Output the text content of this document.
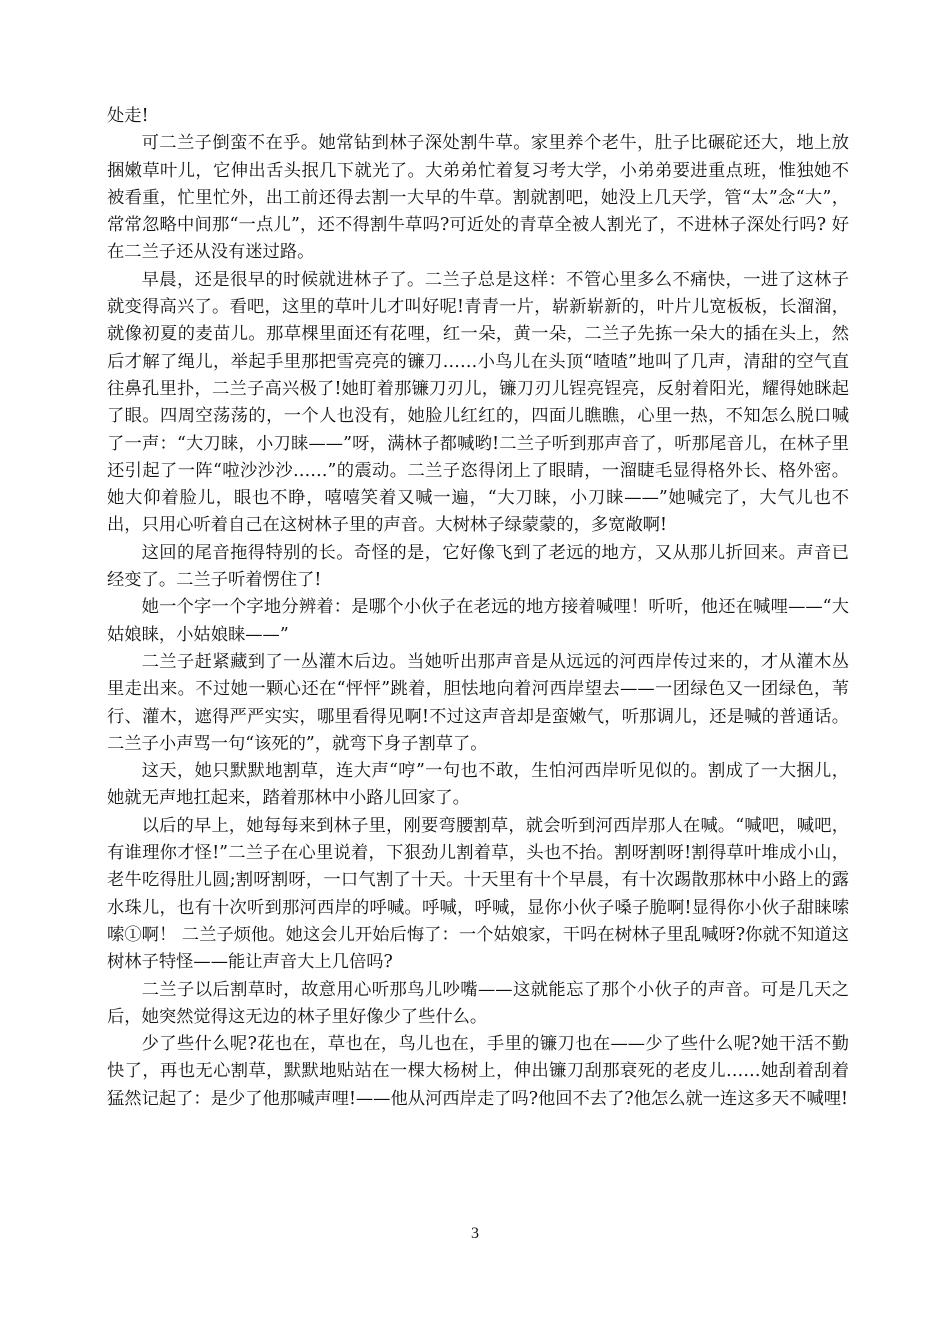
处走!

可二兰子倒蛮不在乎。她常钻到林子深处割牛草。家里养个老牛，肚子比碾砣还大，地上放捆嫩草叶儿，它伸出舌头抿几下就光了。大弟弟忙着复习考大学，小弟弟要进重点班，惟独她不被看重，忙里忙外，出工前还得去割一大早的牛草。割就割吧，她没上几天学，管“太”念“大”，常常忽略中间那“一点儿”，还不得割牛草吗?可近处的青草全被人割光了，不进林子深处行吗? 好在二兰子还从没有迷过路。

早晨，还是很早的时候就进林子了。二兰子总是这样：不管心里多么不痛快，一进了这林子就变得高兴了。看吧，这里的草叶儿才叫好呢!青青一片，崭新崭新的，叶片儿宽板板，长溜溜，就像初夏的麦苗儿。那草棵里面还有花哩，红一朵，黄一朵，二兰子先拣一朵大的插在头上，然后才解了绳儿，举起手里那把雪亮亮的镰刀……小鸟儿在头顶“喳喳”地叫了几声，清甜的空气直往鼻孔里扑，二兰子高兴极了!她盯着那镰刀刃儿，镰刀刃儿锃亮锃亮，反射着阳光，耀得她眯起了眼。四周空荡荡的，一个人也没有，她脸儿红红的，四面儿瞧瞧，心里一热，不知怎么脱口喊了一声：“大刀睐，小刀睐——”呀，满林子都喊哟!二兰子听到那声音了，听那尾音儿，在林子里还引起了一阵“啦沙沙沙……”的震动。二兰子恣得闭上了眼睛，一溜睫毛显得格外长、格外密。她大仰着脸儿，眼也不睁，嘻嘻笑着又喊一遍，“大刀睐，小刀睐——”她喊完了，大气儿也不出，只用心听着自己在这树林子里的声音。大树林子绿蒙蒙的，多宽敞啊!

这回的尾音拖得特别的长。奇怪的是，它好像飞到了老远的地方，又从那儿折回来。声音已经变了。二兰子听着愣住了!

她一个字一个字地分辨着：是哪个小伙子在老远的地方接着喊哩！听听，他还在喊哩——“大姑娘睐，小姑娘睐——”

二兰子赶紧藏到了一丛灌木后边。当她听出那声音是从远远的河西岸传过来的，才从灌木丛里走出来。不过她一颗心还在“怦怦”跳着，胆怯地向着河西岸望去——一团绿色又一团绿色，苇行、灌木，遮得严严实实，哪里看得见啊!不过这声音却是蛮嫩气，听那调儿，还是喊的普通话。二兰子小声骂一句“该死的”，就弯下身子割草了。

这天，她只默默地割草，连大声“哼”一句也不敢，生怕河西岸听见似的。割成了一大捆儿，她就无声地扛起来，踏着那林中小路儿回家了。

以后的早上，她每每来到林子里，刚要弯腰割草，就会听到河西岸那人在喊。“喊吧，喊吧，有谁理你才怪!”二兰子在心里说着，下狠劲儿割着草，头也不抬。割呀割呀!割得草叶堆成小山，老牛吃得肚儿圆;割呀割呀，一口气割了十天。十天里有十个早晨，有十次踢散那林中小路上的露水珠儿，也有十次听到那河西岸的呼喊。呼喊，呼喊，显你小伙子嗓子脆啊!显得你小伙子甜睐嗦嗦①啊！ 二兰子烦他。她这会儿开始后悔了：一个姑娘家，干吗在树林子里乱喊呀?你就不知道这树林子特怪——能让声音大上几倍吗?

二兰子以后割草时，故意用心听那鸟儿吵嘴——这就能忘了那个小伙子的声音。可是几天之后，她突然觉得这无边的林子里好像少了些什么。

少了些什么呢?花也在，草也在，鸟儿也在，手里的镰刀也在——少了些什么呢?她干活不勤快了，再也无心割草，默默地贴站在一棵大杨树上，伸出镰刀刮那衰死的老皮儿……她刮着刮着猛然记起了：是少了他那喊声哩!——他从河西岸走了吗?他回不去了?他怎么就一连这多天不喊哩!

3
